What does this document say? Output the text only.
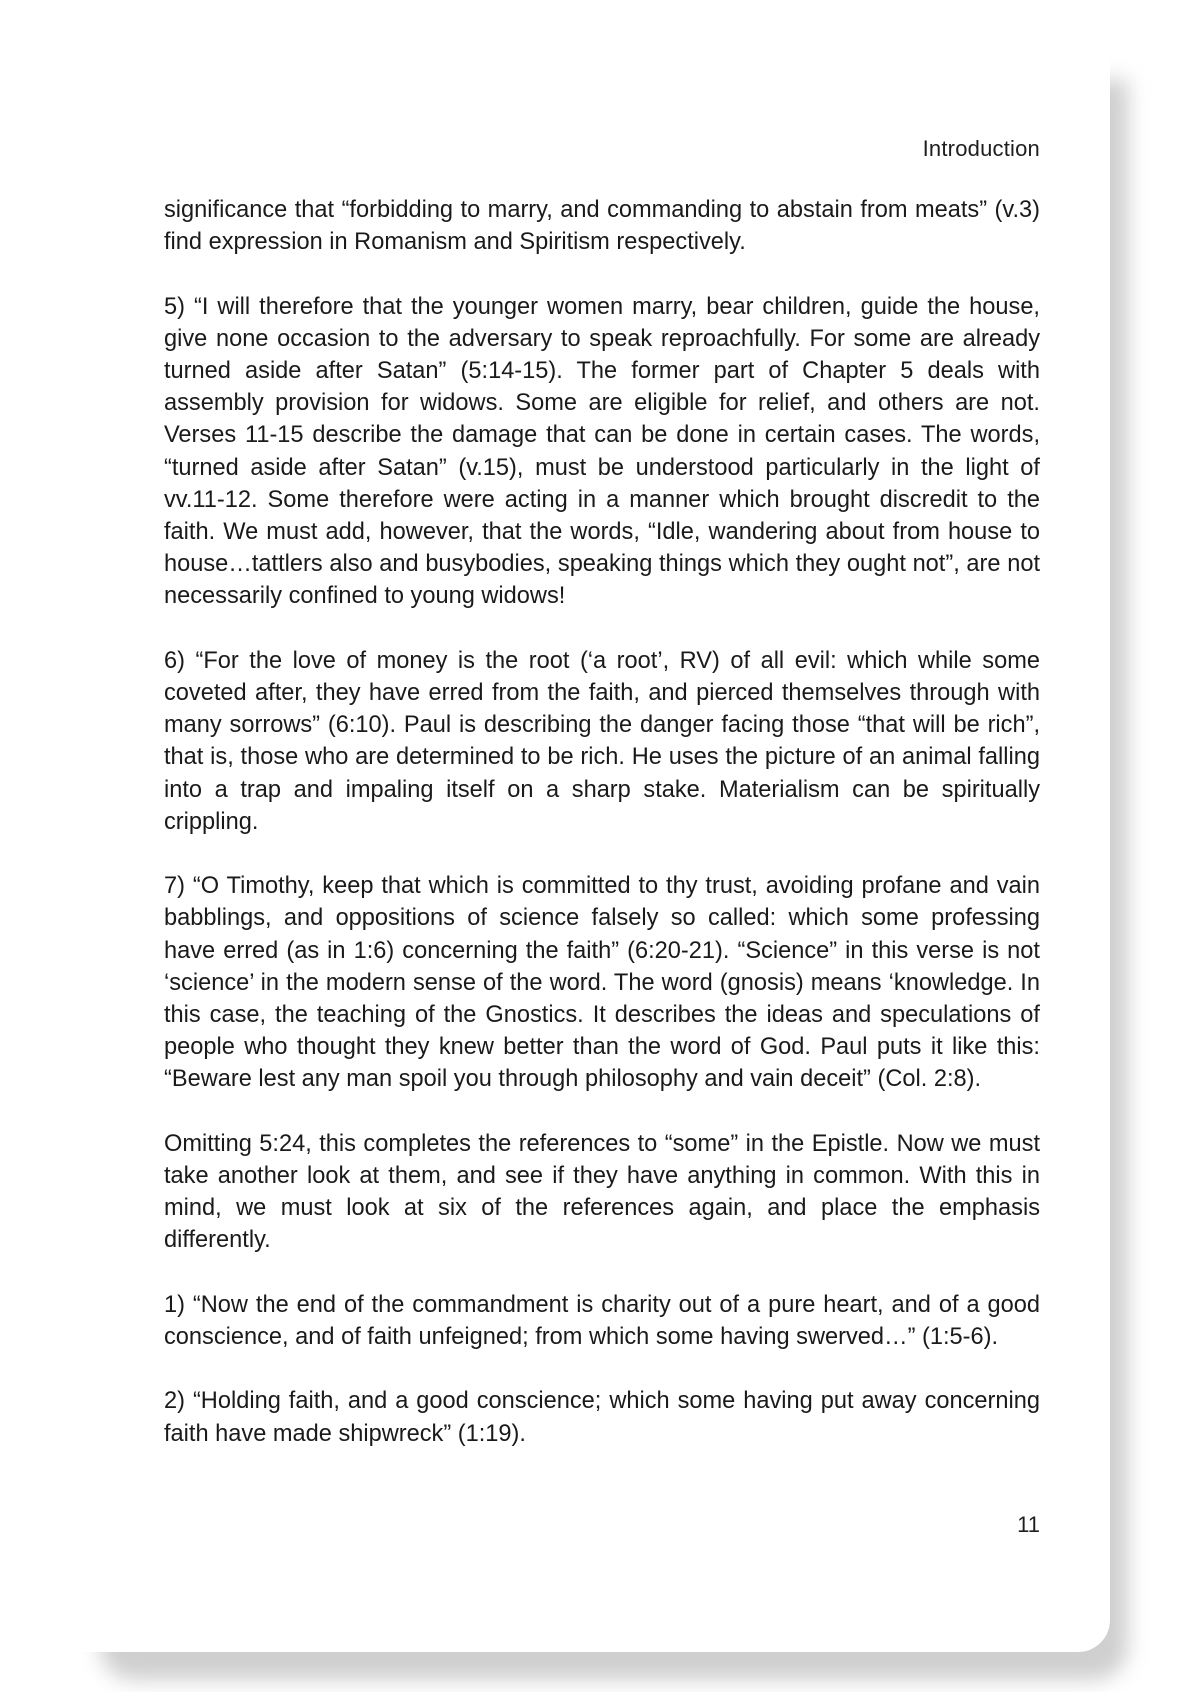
Introduction

significance that “forbidding to marry, and commanding to abstain from meats” (v.3) find expression in Romanism and Spiritism respectively.

5) “I will therefore that the younger women marry, bear children, guide the house, give none occasion to the adversary to speak reproachfully. For some are already turned aside after Satan” (5:14-15). The former part of Chapter 5 deals with assembly provision for widows. Some are eligible for relief, and others are not. Verses 11-15 describe the damage that can be done in certain cases. The words, “turned aside after Satan” (v.15), must be understood particularly in the light of vv.11-12. Some therefore were acting in a manner which brought discredit to the faith. We must add, however, that the words, “Idle, wandering about from house to house…tattlers also and busybodies, speaking things which they ought not”, are not necessarily confined to young widows!

6) “For the love of money is the root (‘a root’, RV) of all evil: which while some coveted after, they have erred from the faith, and pierced themselves through with many sorrows” (6:10). Paul is describing the danger facing those “that will be rich”, that is, those who are determined to be rich. He uses the picture of an animal falling into a trap and impaling itself on a sharp stake. Materialism can be spiritually crippling.

7) “O Timothy, keep that which is committed to thy trust, avoiding profane and vain babblings, and oppositions of science falsely so called: which some professing have erred (as in 1:6) concerning the faith” (6:20-21). “Science” in this verse is not ‘science’ in the modern sense of the word. The word (gnosis) means ‘knowledge. In this case, the teaching of the Gnostics. It describes the ideas and speculations of people who thought they knew better than the word of God. Paul puts it like this: “Beware lest any man spoil you through philosophy and vain deceit” (Col. 2:8).

Omitting 5:24, this completes the references to “some” in the Epistle. Now we must take another look at them, and see if they have anything in common. With this in mind, we must look at six of the references again, and place the emphasis differently.

1) “Now the end of the commandment is charity out of a pure heart, and of a good conscience, and of faith unfeigned; from which some having swerved…” (1:5-6).

2) “Holding faith, and a good conscience; which some having put away concerning faith have made shipwreck” (1:19).

11
